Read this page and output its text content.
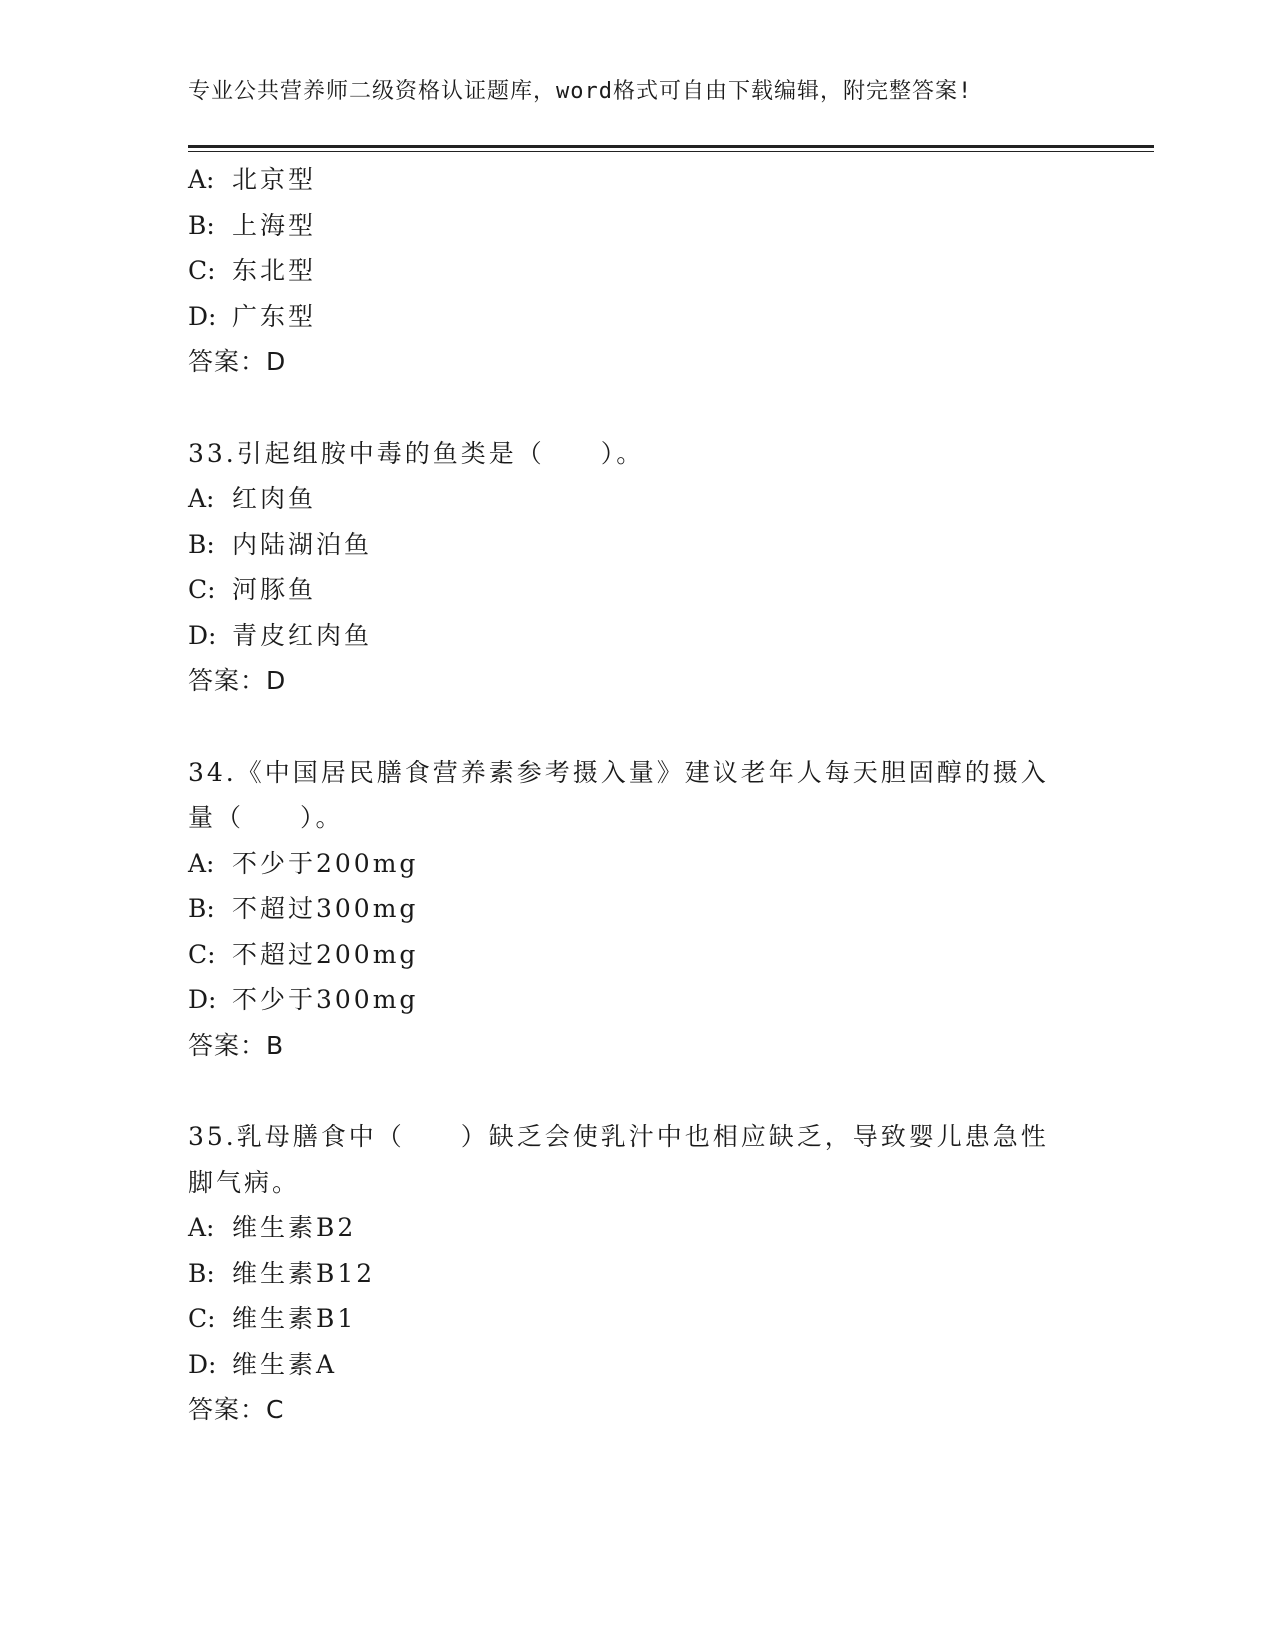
专业公共营养师二级资格认证题库，word格式可自由下载编辑，附完整答案!
A: 北京型
B: 上海型
C: 东北型
D: 广东型
答案：D
33.引起组胺中毒的鱼类是（　　）。
A: 红肉鱼
B: 内陆湖泊鱼
C: 河豚鱼
D: 青皮红肉鱼
答案：D
34.《中国居民膳食营养素参考摄入量》建议老年人每天胆固醇的摄入
量（　　）。
A: 不少于200mg
B: 不超过300mg
C: 不超过200mg
D: 不少于300mg
答案：B
35.乳母膳食中（　　）缺乏会使乳汁中也相应缺乏，导致婴儿患急性
脚气病。
A: 维生素B2
B: 维生素B12
C: 维生素B1
D: 维生素A
答案：C
